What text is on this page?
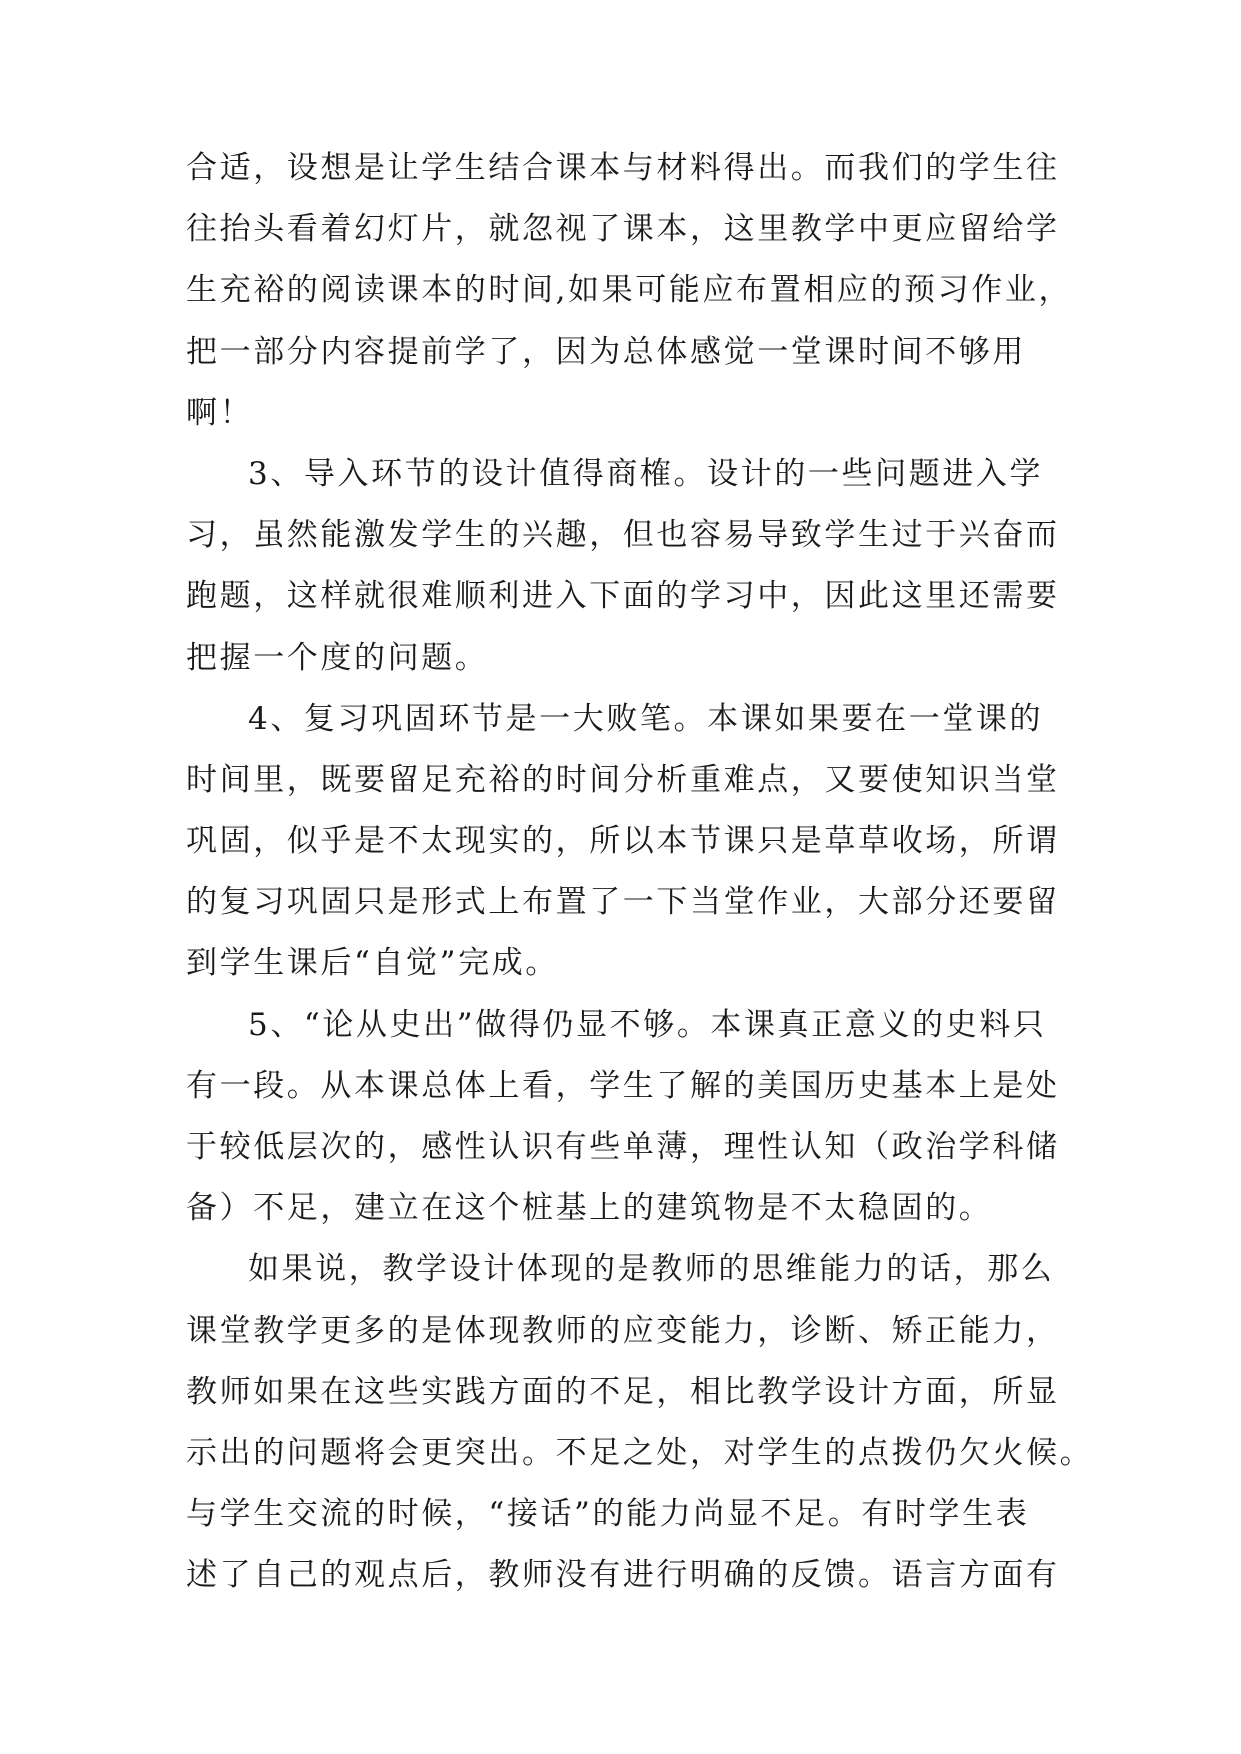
合适，设想是让学生结合课本与材料得出。而我们的学生往
往抬头看着幻灯片，就忽视了课本，这里教学中更应留给学
生充裕的阅读课本的时间,如果可能应布置相应的预习作业，
把一部分内容提前学了，因为总体感觉一堂课时间不够用
啊！
3、导入环节的设计值得商榷。设计的一些问题进入学
习，虽然能激发学生的兴趣，但也容易导致学生过于兴奋而
跑题，这样就很难顺利进入下面的学习中，因此这里还需要
把握一个度的问题。
4、复习巩固环节是一大败笔。本课如果要在一堂课的
时间里，既要留足充裕的时间分析重难点，又要使知识当堂
巩固，似乎是不太现实的，所以本节课只是草草收场，所谓
的复习巩固只是形式上布置了一下当堂作业，大部分还要留
到学生课后“自觉”完成。
5、“论从史出”做得仍显不够。本课真正意义的史料只
有一段。从本课总体上看，学生了解的美国历史基本上是处
于较低层次的，感性认识有些单薄，理性认知（政治学科储
备）不足，建立在这个桩基上的建筑物是不太稳固的。
如果说，教学设计体现的是教师的思维能力的话，那么
课堂教学更多的是体现教师的应变能力，诊断、矫正能力，
教师如果在这些实践方面的不足，相比教学设计方面，所显
示出的问题将会更突出。不足之处，对学生的点拨仍欠火候。
与学生交流的时候，“接话”的能力尚显不足。有时学生表
述了自己的观点后，教师没有进行明确的反馈。语言方面有
